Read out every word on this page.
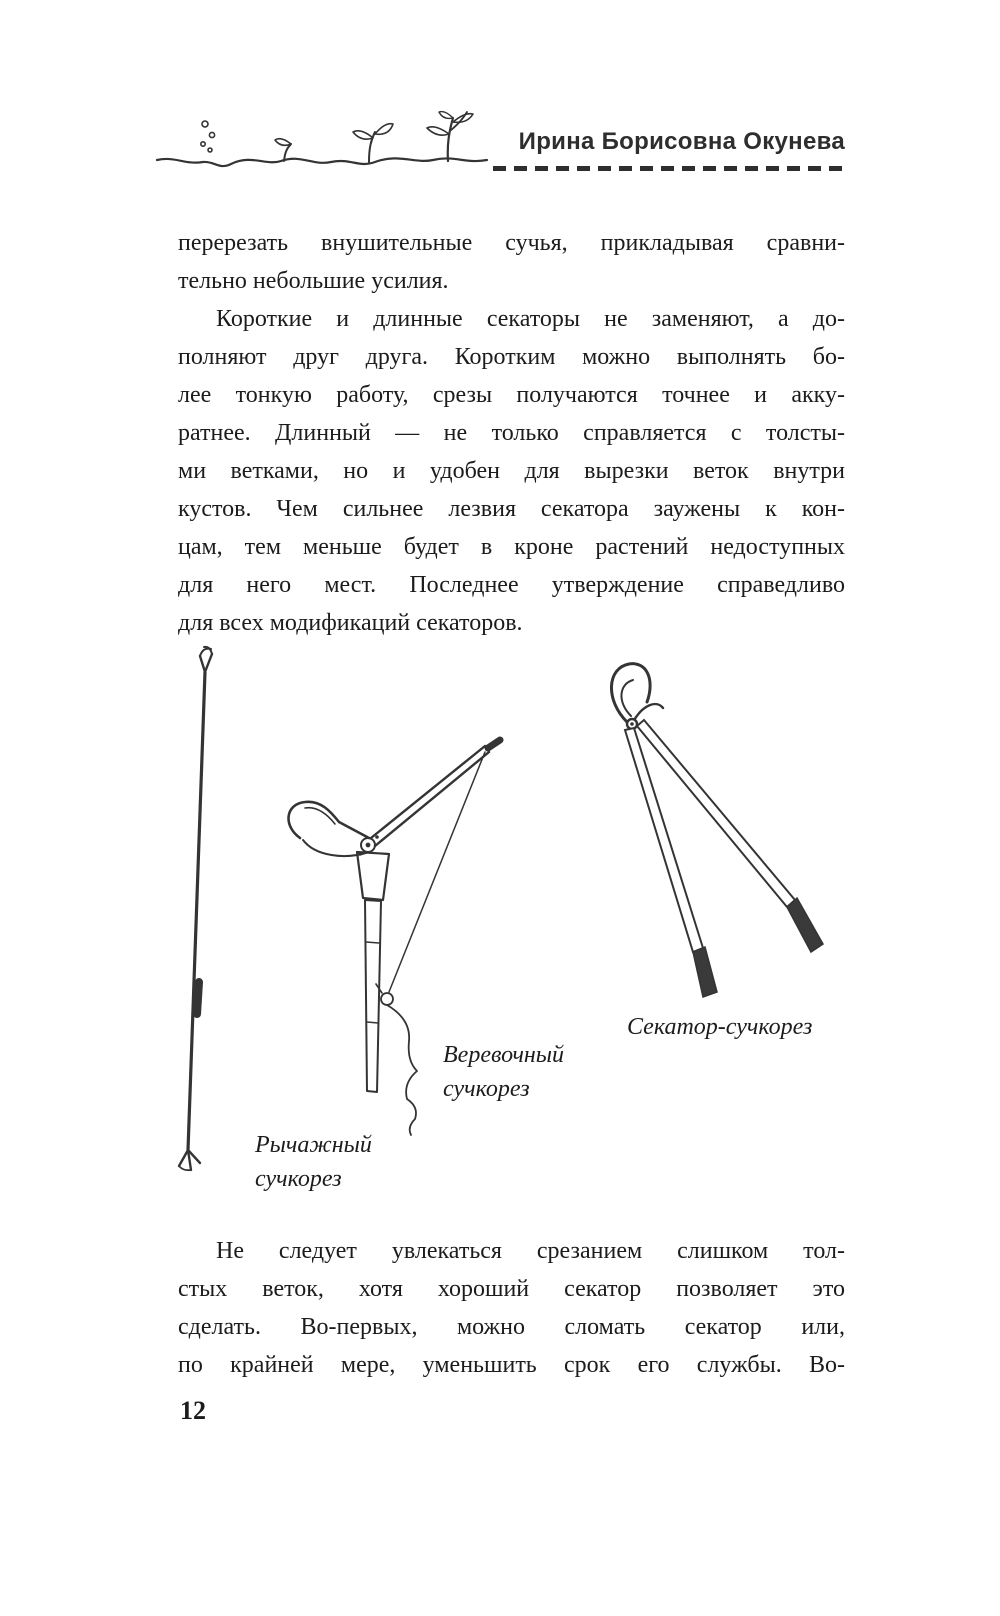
Ирина Борисовна Окунева

перерезать внушительные сучья, прикладывая сравни-
тельно небольшие усилия.

Короткие и длинные секаторы не заменяют, а до-
полняют друг друга. Коротким можно выполнять бо-
лее тонкую работу, срезы получаются точнее и акку-
ратнее. Длинный — не только справляется с толсты-
ми ветками, но и удобен для вырезки веток внутри
кустов. Чем сильнее лезвия секатора заужены к кон-
цам, тем меньше будет в кроне растений недоступных
для него мест. Последнее утверждение справедливо
для всех модификаций секаторов.

Рычажный
сучкорез
Веревочный
сучкорез
Секатор-сучкорез

Не следует увлекаться срезанием слишком тол-
стых веток, хотя хороший секатор позволяет это
сделать. Во-первых, можно сломать секатор или,
по крайней мере, уменьшить срок его службы. Во-

12
